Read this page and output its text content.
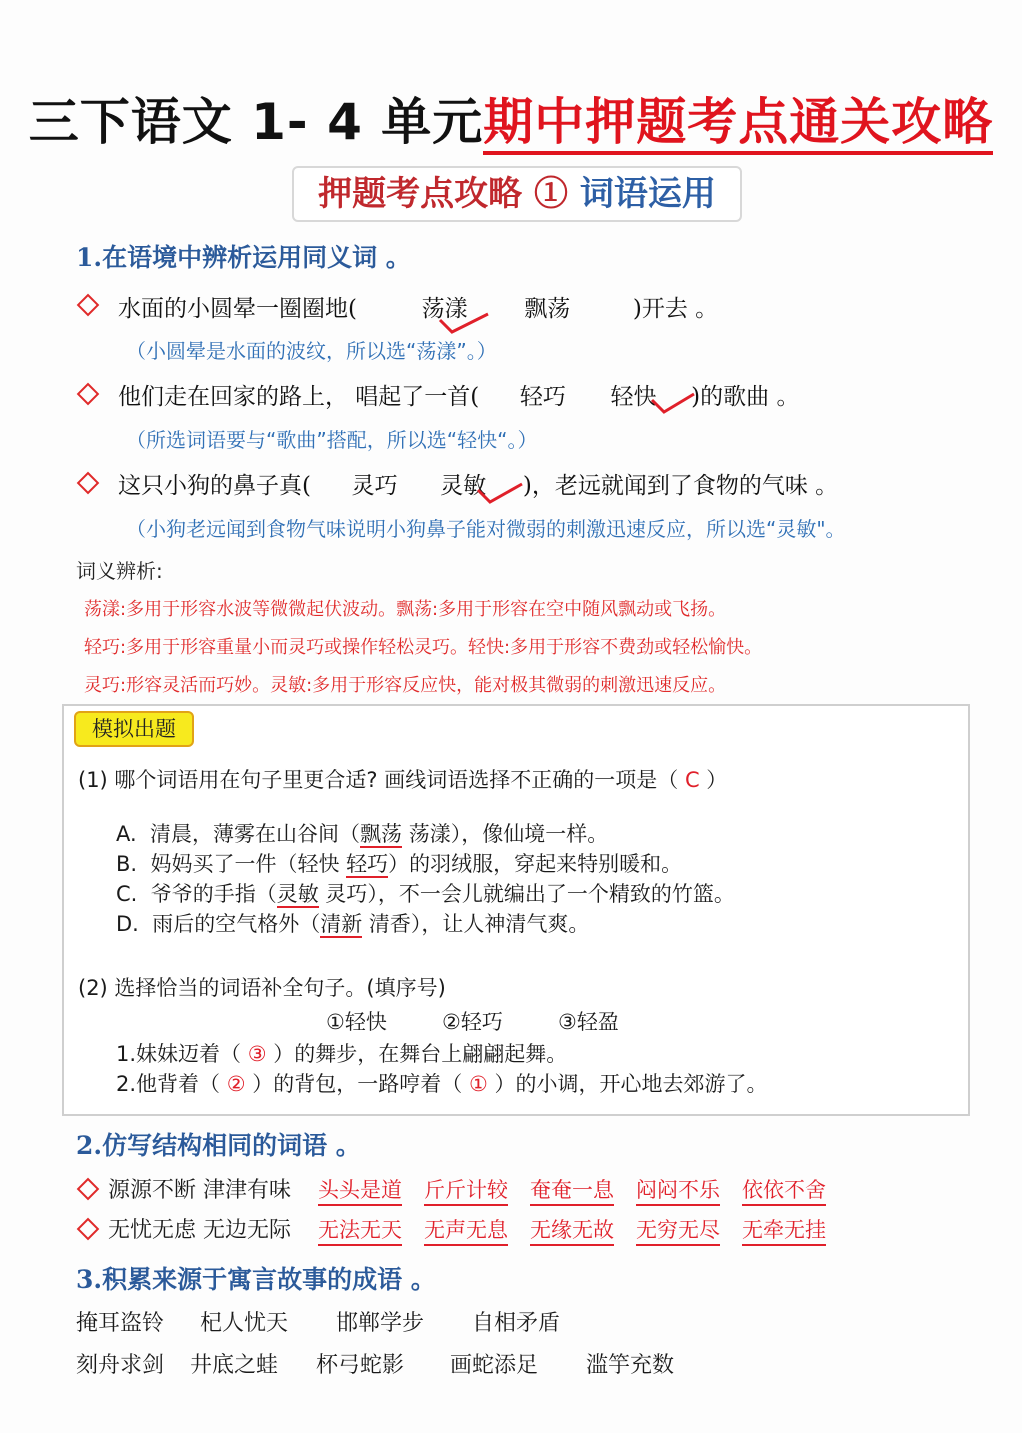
三下语文 1- 4 单元期中押题考点通关攻略
押题考点攻略 ① 词语运用
1.在语境中辨析运用同义词 。
水面的小圆晕一圈圈地(	荡漾 飘荡	)开去 。
（小圆晕是水面的波纹，所以选“荡漾”。）
他们走在回家的路上， 唱起了一首( 轻巧 轻快 )的歌曲 。
（所选词语要与“歌曲”搭配，所以选“轻快“。）
这只小狗的鼻子真( 灵巧 灵敏 )，老远就闻到了食物的气味 。
（小狗老远闻到食物气味说明小狗鼻子能对微弱的刺激迅速反应，所以选“灵敏"。
词义辨析:
荡漾:多用于形容水波等微微起伏波动。飘荡:多用于形容在空中随风飘动或飞扬。
轻巧:多用于形容重量小而灵巧或操作轻松灵巧。轻快:多用于形容不费劲或轻松愉快。
灵巧:形容灵活而巧妙。灵敏:多用于形容反应快，能对极其微弱的刺激迅速反应。
模拟出题
(1) 哪个词语用在句子里更合适? 画线词语选择不正确的一项是（ C ）
A. 清晨，薄雾在山谷间（飘荡 荡漾），像仙境一样。
B. 妈妈买了一件（轻快 轻巧）的羽绒服，穿起来特别暖和。
C. 爷爷的手指（灵敏 灵巧），不一会儿就编出了一个精致的竹篮。
D. 雨后的空气格外（清新 清香），让人神清气爽。
(2) 选择恰当的词语补全句子。(填序号)
①轻快	②轻巧	③轻盈
1.妹妹迈着（ ③ ）的舞步，在舞台上翩翩起舞。
2.他背着（ ② ）的背包，一路哼着（ ① ）的小调，开心地去郊游了。
2.仿写结构相同的词语 。
源源不断 津津有味 头头是道 斤斤计较 奄奄一息 闷闷不乐 依依不舍
无忧无虑 无边无际 无法无天 无声无息 无缘无故 无穷无尽 无牵无挂
3.积累来源于寓言故事的成语 。
掩耳盗铃 杞人忧天 邯郸学步 自相矛盾
刻舟求剑 井底之蛙 杯弓蛇影 画蛇添足 滥竽充数
